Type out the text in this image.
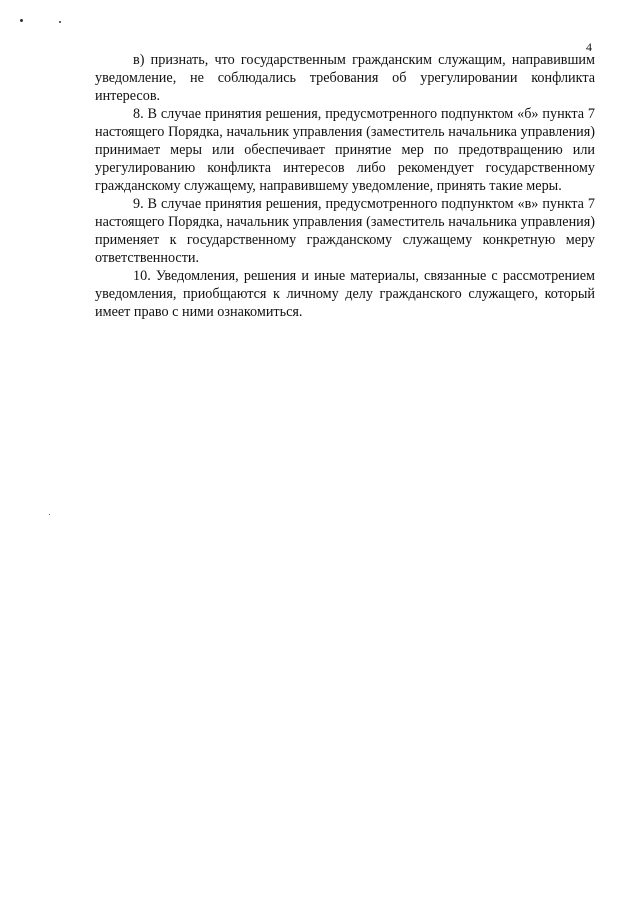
4

в) признать, что государственным гражданским служащим, направившим уведомление, не соблюдались требования об урегулировании конфликта интересов.

8. В случае принятия решения, предусмотренного подпунктом «б» пункта 7 настоящего Порядка, начальник управления (заместитель начальника управления) принимает меры или обеспечивает принятие мер по предотвращению или урегулированию конфликта интересов либо рекомендует государственному гражданскому служащему, направившему уведомление, принять такие меры.

9. В случае принятия решения, предусмотренного подпунктом «в» пункта 7 настоящего Порядка, начальник управления (заместитель начальника управления) применяет к государственному гражданскому служащему конкретную меру ответственности.

10. Уведомления, решения и иные материалы, связанные с рассмотрением уведомления, приобщаются к личному делу гражданского служащего, который имеет право с ними ознакомиться.
